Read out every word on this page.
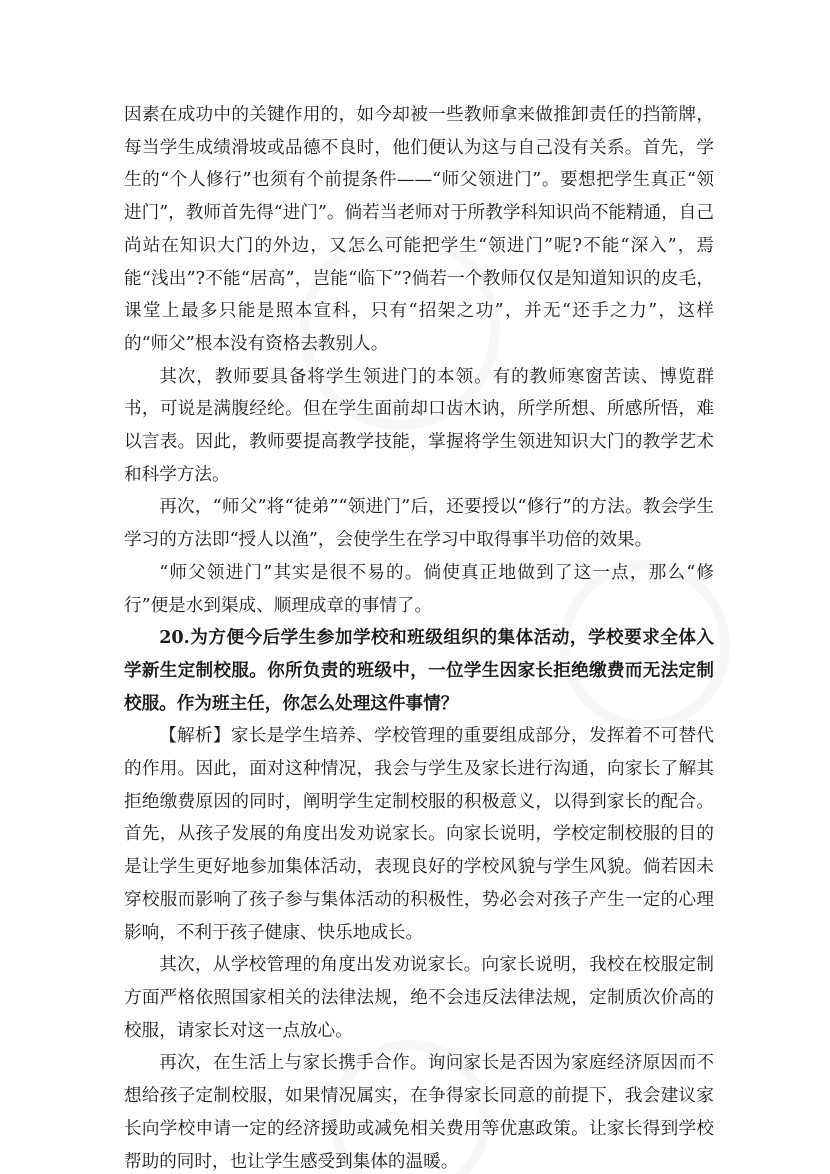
因素在成功中的关键作用的，如今却被一些教师拿来做推卸责任的挡箭牌，每当学生成绩滑坡或品德不良时，他们便认为这与自己没有关系。首先，学生的“个人修行”也须有个前提条件——“师父领进门”。要想把学生真正“领进门”，教师首先得“进门”。倘若当老师对于所教学科知识尚不能精通，自己尚站在知识大门的外边，又怎么可能把学生“领进门”呢?不能“深入”，焉能“浅出”?不能“居高”，岂能“临下”?倘若一个教师仅仅是知道知识的皮毛，课堂上最多只能是照本宣科，只有“招架之功”，并无“还手之力”，这样的“师父”根本没有资格去教别人。

其次，教师要具备将学生领进门的本领。有的教师寒窗苦读、博览群书，可说是满腹经纶。但在学生面前却口齿木讷，所学所想、所感所悟，难以言表。因此，教师要提高教学技能，掌握将学生领进知识大门的教学艺术和科学方法。

再次，“师父”将“徒弟”“领进门”后，还要授以“修行”的方法。教会学生学习的方法即“授人以渔”，会使学生在学习中取得事半功倍的效果。

“师父领进门”其实是很不易的。倘使真正地做到了这一点，那么“修行”便是水到渠成、顺理成章的事情了。

20.为方便今后学生参加学校和班级组织的集体活动，学校要求全体入学新生定制校服。你所负责的班级中，一位学生因家长拒绝缴费而无法定制校服。作为班主任，你怎么处理这件事情？

【解析】家长是学生培养、学校管理的重要组成部分，发挥着不可替代的作用。因此，面对这种情况，我会与学生及家长进行沟通，向家长了解其拒绝缴费原因的同时，阐明学生定制校服的积极意义，以得到家长的配合。首先，从孩子发展的角度出发劝说家长。向家长说明，学校定制校服的目的是让学生更好地参加集体活动，表现良好的学校风貌与学生风貌。倘若因未穿校服而影响了孩子参与集体活动的积极性，势必会对孩子产生一定的心理影响，不利于孩子健康、快乐地成长。

其次，从学校管理的角度出发劝说家长。向家长说明，我校在校服定制方面严格依照国家相关的法律法规，绝不会违反法律法规，定制质次价高的校服，请家长对这一点放心。

再次，在生活上与家长携手合作。询问家长是否因为家庭经济原因而不想给孩子定制校服，如果情况属实，在争得家长同意的前提下，我会建议家长向学校申请一定的经济援助或减免相关费用等优惠政策。让家长得到学校帮助的同时，也让学生感受到集体的温暖。
